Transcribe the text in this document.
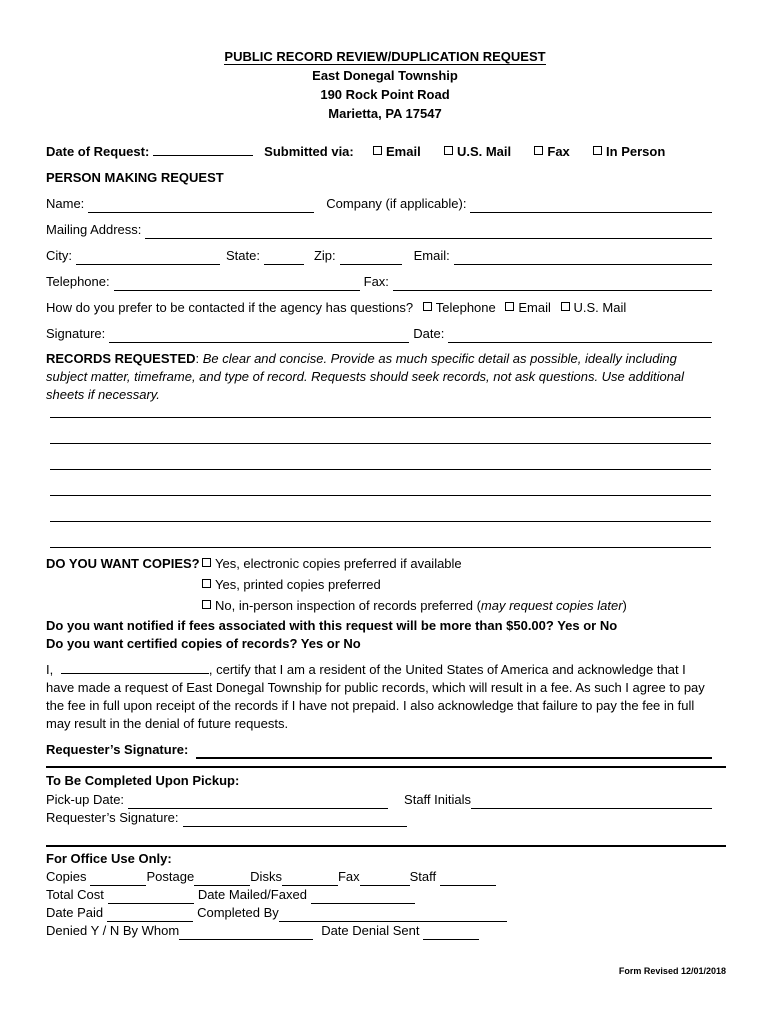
PUBLIC RECORD REVIEW/DUPLICATION REQUEST
East Donegal Township
190 Rock Point Road
Marietta, PA 17547
Date of Request:	Submitted via: Email	U.S. Mail	Fax	In Person
PERSON MAKING REQUEST
Name:	Company (if applicable):
Mailing Address:
City:	State:	Zip:	Email:
Telephone:	Fax:
How do you prefer to be contacted if the agency has questions? Telephone Email U.S. Mail
Signature:	Date:
RECORDS REQUESTED: Be clear and concise. Provide as much specific detail as possible, ideally including subject matter, timeframe, and type of record. Requests should seek records, not ask questions. Use additional sheets if necessary.
DO YOU WANT COPIES?	Yes, electronic copies preferred if available
Yes, printed copies preferred
No, in-person inspection of records preferred (may request copies later)
Do you want notified if fees associated with this request will be more than $50.00? Yes or No
Do you want certified copies of records? Yes or No
I,	, certify that I am a resident of the United States of America and acknowledge that I
have made a request of East Donegal Township for public records, which will result in a fee. As such I agree to pay the fee in full upon receipt of the records if I have not prepaid. I also acknowledge that failure to pay the fee in full may result in the denial of future requests.
Requester’s Signature:
To Be Completed Upon Pickup:
Pick-up Date:	Staff Initials
Requester’s Signature:
For Office Use Only:
Copies	Postage	Disks	Fax	Staff
Total Cost	Date Mailed/Faxed
Date Paid	Completed By
Denied Y / N By Whom	Date Denial Sent
Form Revised 12/01/2018
